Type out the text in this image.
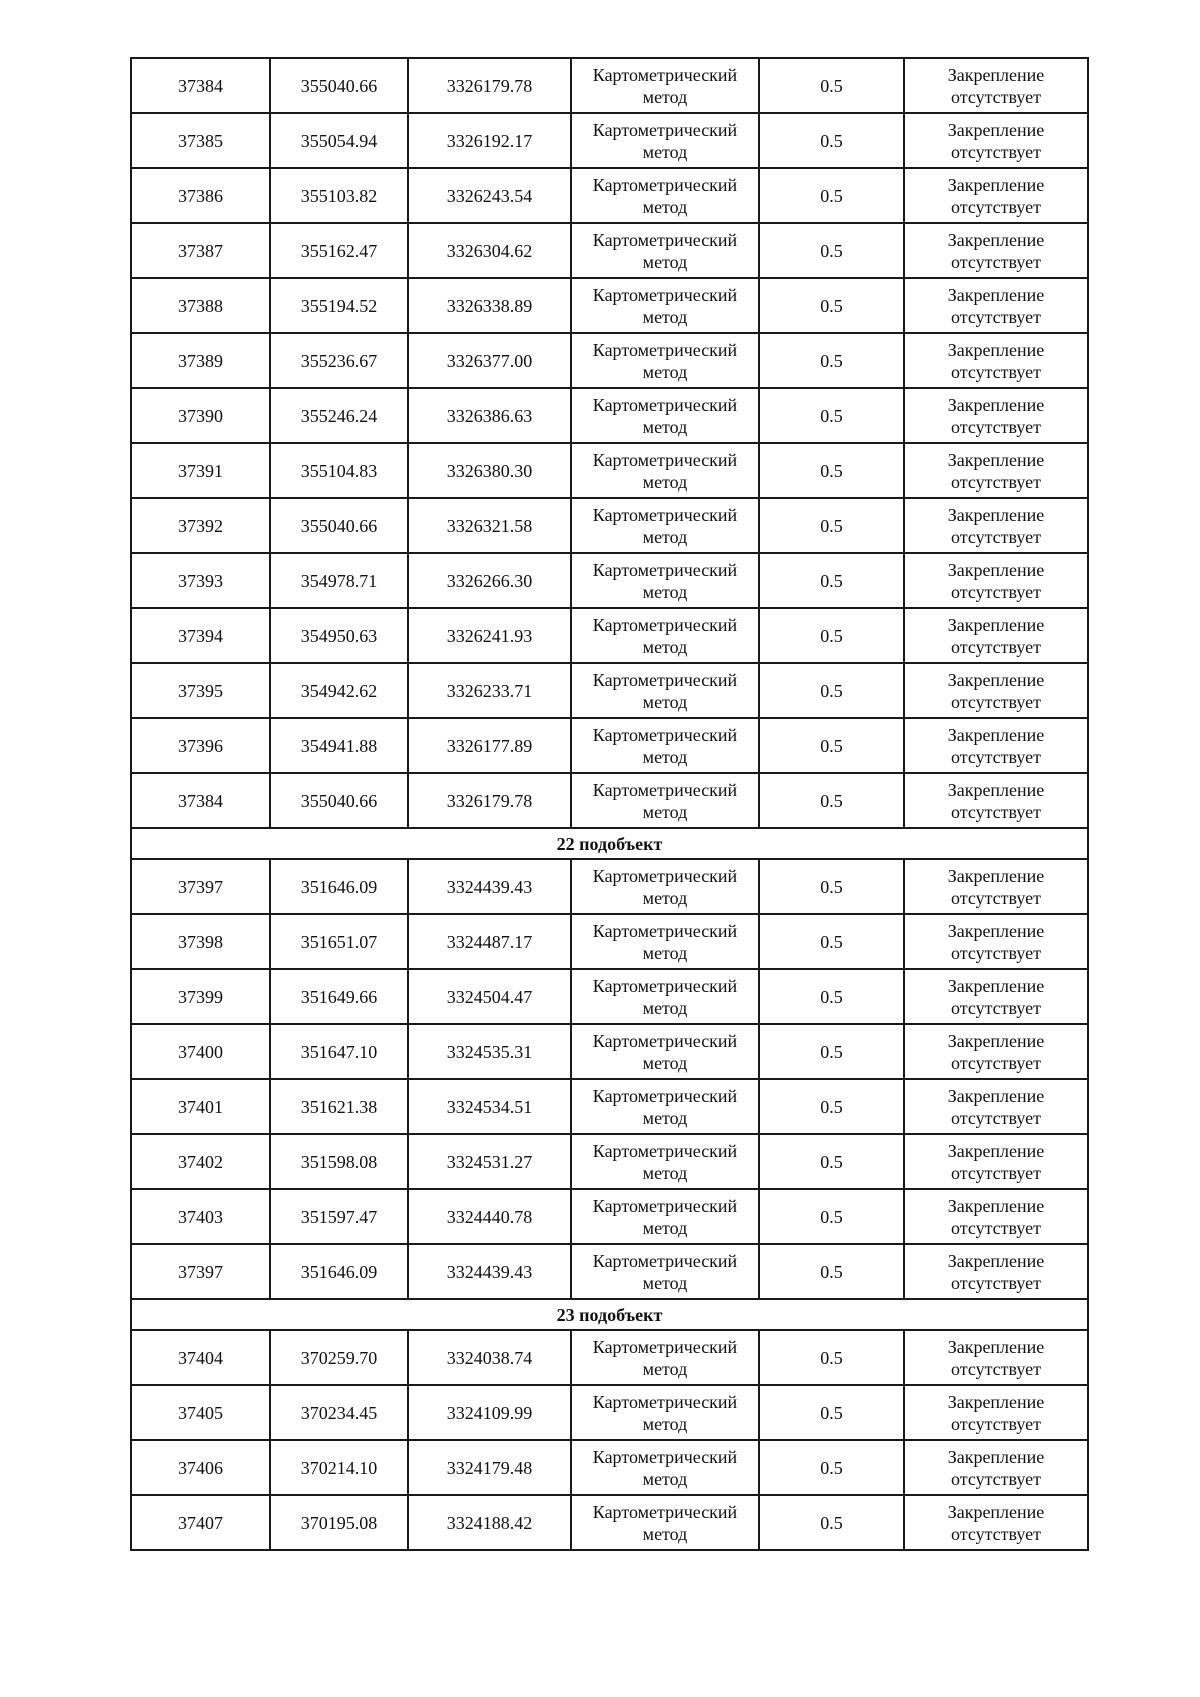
37384	355040.66	3326179.78	Картометрический
метод	0.5	Закрепление
отсутствует

37385	355054.94	3326192.17	Картометрический
метод	0.5	Закрепление
отсутствует

37386	355103.82	3326243.54	Картометрический
метод	0.5	Закрепление
отсутствует

37387	355162.47	3326304.62	Картометрический
метод	0.5	Закрепление
отсутствует

37388	355194.52	3326338.89	Картометрический
метод	0.5	Закрепление
отсутствует

37389	355236.67	3326377.00	Картометрический
метод	0.5	Закрепление
отсутствует

37390	355246.24	3326386.63	Картометрический
метод	0.5	Закрепление
отсутствует

37391	355104.83	3326380.30	Картометрический
метод	0.5	Закрепление
отсутствует

37392	355040.66	3326321.58	Картометрический
метод	0.5	Закрепление
отсутствует

37393	354978.71	3326266.30	Картометрический
метод	0.5	Закрепление
отсутствует

37394	354950.63	3326241.93	Картометрический
метод	0.5	Закрепление
отсутствует

37395	354942.62	3326233.71	Картометрический
метод	0.5	Закрепление
отсутствует

37396	354941.88	3326177.89	Картометрический
метод	0.5	Закрепление
отсутствует

37384	355040.66	3326179.78	Картометрический
метод	0.5	Закрепление
отсутствует

22 подобъект					
37397	351646.09	3324439.43	Картометрический
метод	0.5	Закрепление
отсутствует

37398	351651.07	3324487.17	Картометрический
метод	0.5	Закрепление
отсутствует

37399	351649.66	3324504.47	Картометрический
метод	0.5	Закрепление
отсутствует

37400	351647.10	3324535.31	Картометрический
метод	0.5	Закрепление
отсутствует

37401	351621.38	3324534.51	Картометрический
метод	0.5	Закрепление
отсутствует

37402	351598.08	3324531.27	Картометрический
метод	0.5	Закрепление
отсутствует

37403	351597.47	3324440.78	Картометрический
метод	0.5	Закрепление
отсутствует

37397	351646.09	3324439.43	Картометрический
метод	0.5	Закрепление
отсутствует

23 подобъект					
37404	370259.70	3324038.74	Картометрический
метод	0.5	Закрепление
отсутствует

37405	370234.45	3324109.99	Картометрический
метод	0.5	Закрепление
отсутствует

37406	370214.10	3324179.48	Картометрический
метод	0.5	Закрепление
отсутствует

37407	370195.08	3324188.42	Картометрический
метод	0.5	Закрепление
отсутствует
